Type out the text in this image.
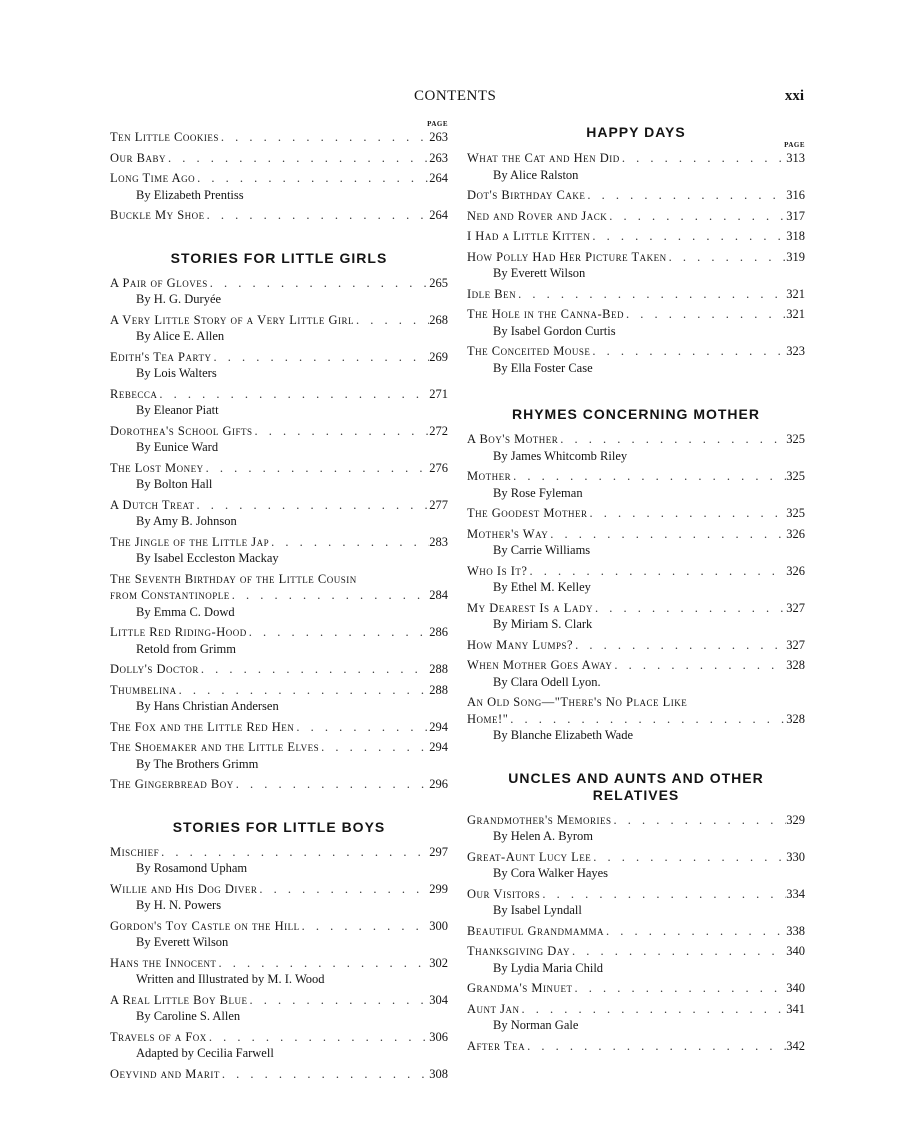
CONTENTS	xxi
PAGE
Ten Little Cookies . . .	263
Our Baby . . .	263
Long Time Ago . . .	264
By Elizabeth Prentiss
Buckle My Shoe . . .	264
STORIES FOR LITTLE GIRLS
A Pair of Gloves . . .	265
By H. G. Duryée
A Very Little Story of a Very Little Girl . . .	268
By Alice E. Allen
Edith's Tea Party . . .	269
By Lois Walters
Rebecca . . .	271
By Eleanor Piatt
Dorothea's School Gifts . . .	272
By Eunice Ward
The Lost Money . . .	276
By Bolton Hall
A Dutch Treat . . .	277
By Amy B. Johnson
The Jingle of the Little Jap . . .	283
By Isabel Eccleston Mackay
The Seventh Birthday of the Little Cousin
from Constantinople . . .	284
By Emma C. Dowd
Little Red Riding-Hood . . .	286
Retold from Grimm
Dolly's Doctor . . .	288
Thumbelina . . .	288
By Hans Christian Andersen
The Fox and the Little Red Hen . . .	294
The Shoemaker and the Little Elves . . .	294
By The Brothers Grimm
The Gingerbread Boy . . .	296
STORIES FOR LITTLE BOYS
Mischief . . .	297
By Rosamond Upham
Willie and His Dog Diver . . .	299
By H. N. Powers
Gordon's Toy Castle on the Hill . . .	300
By Everett Wilson
Hans the Innocent . . .	302
Written and Illustrated by M. I. Wood
A Real Little Boy Blue . . .	304
By Caroline S. Allen
Travels of a Fox . . .	306
Adapted by Cecilia Farwell
Oeyvind and Marit . . .	308
HAPPY DAYS
PAGE
What the Cat and Hen Did . . .	313
By Alice Ralston
Dot's Birthday Cake . . .	316
Ned and Rover and Jack . . .	317
I Had a Little Kitten . . .	318
How Polly Had Her Picture Taken . . .	319
By Everett Wilson
Idle Ben . . .	321
The Hole in the Canna-Bed . . .	321
By Isabel Gordon Curtis
The Conceited Mouse . . .	323
By Ella Foster Case
RHYMES CONCERNING MOTHER
A Boy's Mother . . .	325
By James Whitcomb Riley
Mother . . .	325
By Rose Fyleman
The Goodest Mother . . .	325
Mother's Way . . .	326
By Carrie Williams
Who Is It? . . .	326
By Ethel M. Kelley
My Dearest Is a Lady . . .	327
By Miriam S. Clark
How Many Lumps? . . .	327
When Mother Goes Away . . .	328
By Clara Odell Lyon.
An Old Song—"There's No Place Like
Home!" . . .	328
By Blanche Elizabeth Wade
UNCLES AND AUNTS AND OTHER
RELATIVES
Grandmother's Memories . . .	329
By Helen A. Byrom
Great-Aunt Lucy Lee . . .	330
By Cora Walker Hayes
Our Visitors . . .	334
By Isabel Lyndall
Beautiful Grandmamma . . .	338
Thanksgiving Day . . .	340
By Lydia Maria Child
Grandma's Minuet . . .	340
Aunt Jan . . .	341
By Norman Gale
After Tea . . .	342
